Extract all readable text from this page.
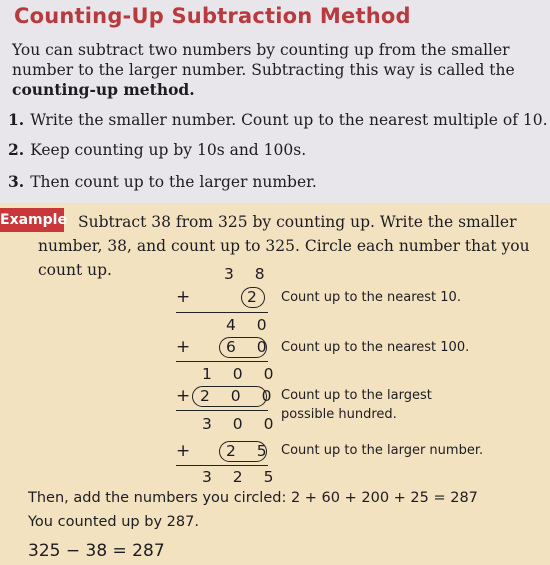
Counting-Up Subtraction Method
You can subtract two numbers by counting up from the smaller number to the larger number. Subtracting this way is called the counting-up method.
1. Write the smaller number. Count up to the nearest multiple of 10.
2. Keep counting up by 10s and 100s.
3. Then count up to the larger number.
Example Subtract 38 from 325 by counting up. Write the smaller number, 38, and count up to 325. Circle each number that you count up.	3 8
+	2
4 0
+ 6 0
1 0 0
+ 2 0 0
3 0 0
+ 2 5
3 2 5
Count up to the nearest 10.
Count up to the nearest 100.
Count up to the largest
possible hundred.
Count up to the larger number.
Then, add the numbers you circled: 2 + 60 + 200 + 25 = 287
You counted up by 287.
325 − 38 = 287
